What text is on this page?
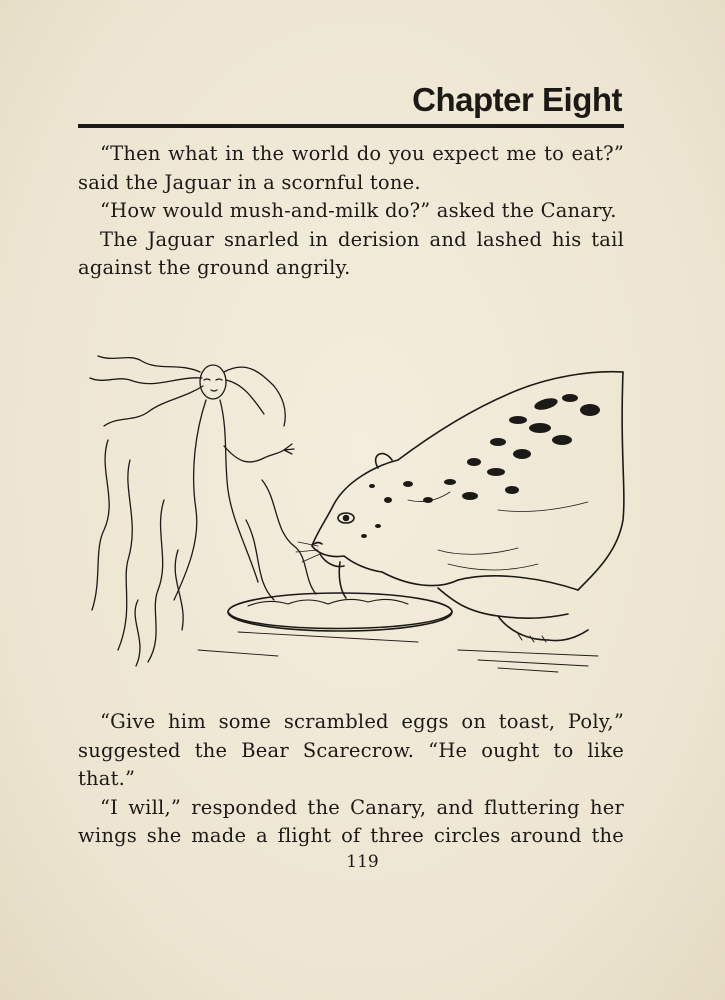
Chapter Eight

“Then what in the world do you expect me to eat?” said the Jaguar in a scornful tone.

“How would mush-and-milk do?” asked the Canary.

The Jaguar snarled in derision and lashed his tail against the ground angrily.

“Give him some scrambled eggs on toast, Poly,” suggested the Bear Scarecrow. “He ought to like that.”

“I will,” responded the Canary, and fluttering her wings she made a flight of three circles around the

119
